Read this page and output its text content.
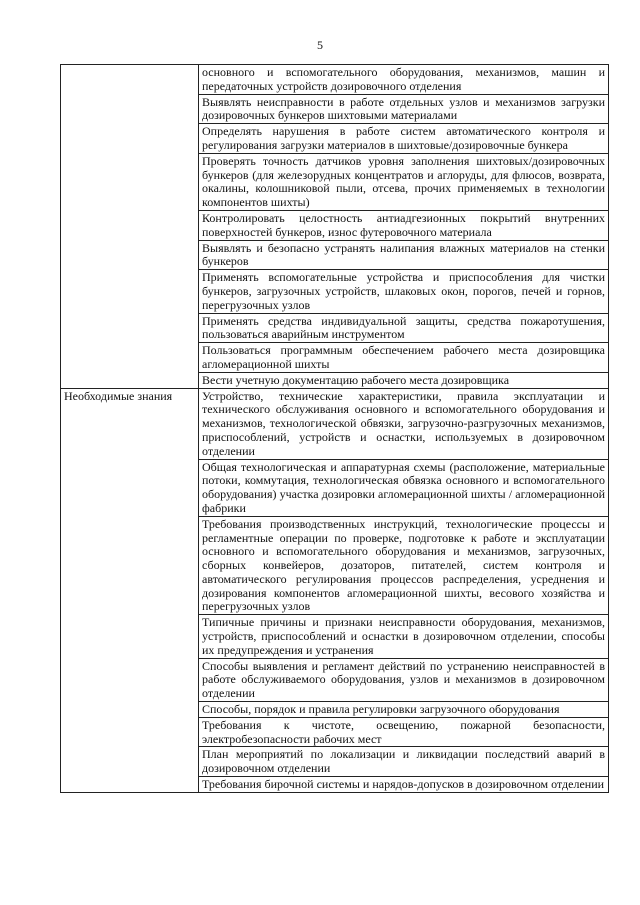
5
	основного и вспомогательного оборудования, механизмов, машин и передаточных устройств дозировочного отделения
	Выявлять неисправности в работе отдельных узлов и механизмов загрузки дозировочных бункеров шихтовыми материалами
	Определять нарушения в работе систем автоматического контроля и регулирования загрузки материалов в шихтовые/дозировочные бункера
	Проверять точность датчиков уровня заполнения шихтовых/дозировочных бункеров (для железорудных концентратов и аглоруды, для флюсов, возврата, окалины, колошниковой пыли, отсева, прочих применяемых в технологии компонентов шихты)
	Контролировать целостность антиадгезионных покрытий внутренних поверхностей бункеров, износ футеровочного материала
	Выявлять и безопасно устранять налипания влажных материалов на стенки бункеров
	Применять вспомогательные устройства и приспособления для чистки бункеров, загрузочных устройств, шлаковых окон, порогов, печей и горнов, перегрузочных узлов
	Применять средства индивидуальной защиты, средства пожаротушения, пользоваться аварийным инструментом
	Пользоваться программным обеспечением рабочего места дозировщика агломерационной шихты
	Вести учетную документацию рабочего места дозировщика
Необходимые знания	Устройство, технические характеристики, правила эксплуатации и технического обслуживания основного и вспомогательного оборудования и механизмов, технологической обвязки, загрузочно-разгрузочных механизмов, приспособлений, устройств и оснастки, используемых в дозировочном отделении
	Общая технологическая и аппаратурная схемы (расположение, материальные потоки, коммутация, технологическая обвязка основного и вспомогательного оборудования) участка дозировки агломерационной шихты / агломерационной фабрики
	Требования производственных инструкций, технологические процессы и регламентные операции по проверке, подготовке к работе и эксплуатации основного и вспомогательного оборудования и механизмов, загрузочных, сборных конвейеров, дозаторов, питателей, систем контроля и автоматического регулирования процессов распределения, усреднения и дозирования компонентов агломерационной шихты, весового хозяйства и перегрузочных узлов
	Типичные причины и признаки неисправности оборудования, механизмов, устройств, приспособлений и оснастки в дозировочном отделении, способы их предупреждения и устранения
	Способы выявления и регламент действий по устранению неисправностей в работе обслуживаемого оборудования, узлов и механизмов в дозировочном отделении
	Способы, порядок и правила регулировки загрузочного оборудования
	Требования к чистоте, освещению, пожарной безопасности, электробезопасности рабочих мест
	План мероприятий по локализации и ликвидации последствий аварий в дозировочном отделении
	Требования бирочной системы и нарядов-допусков в дозировочном отделении
